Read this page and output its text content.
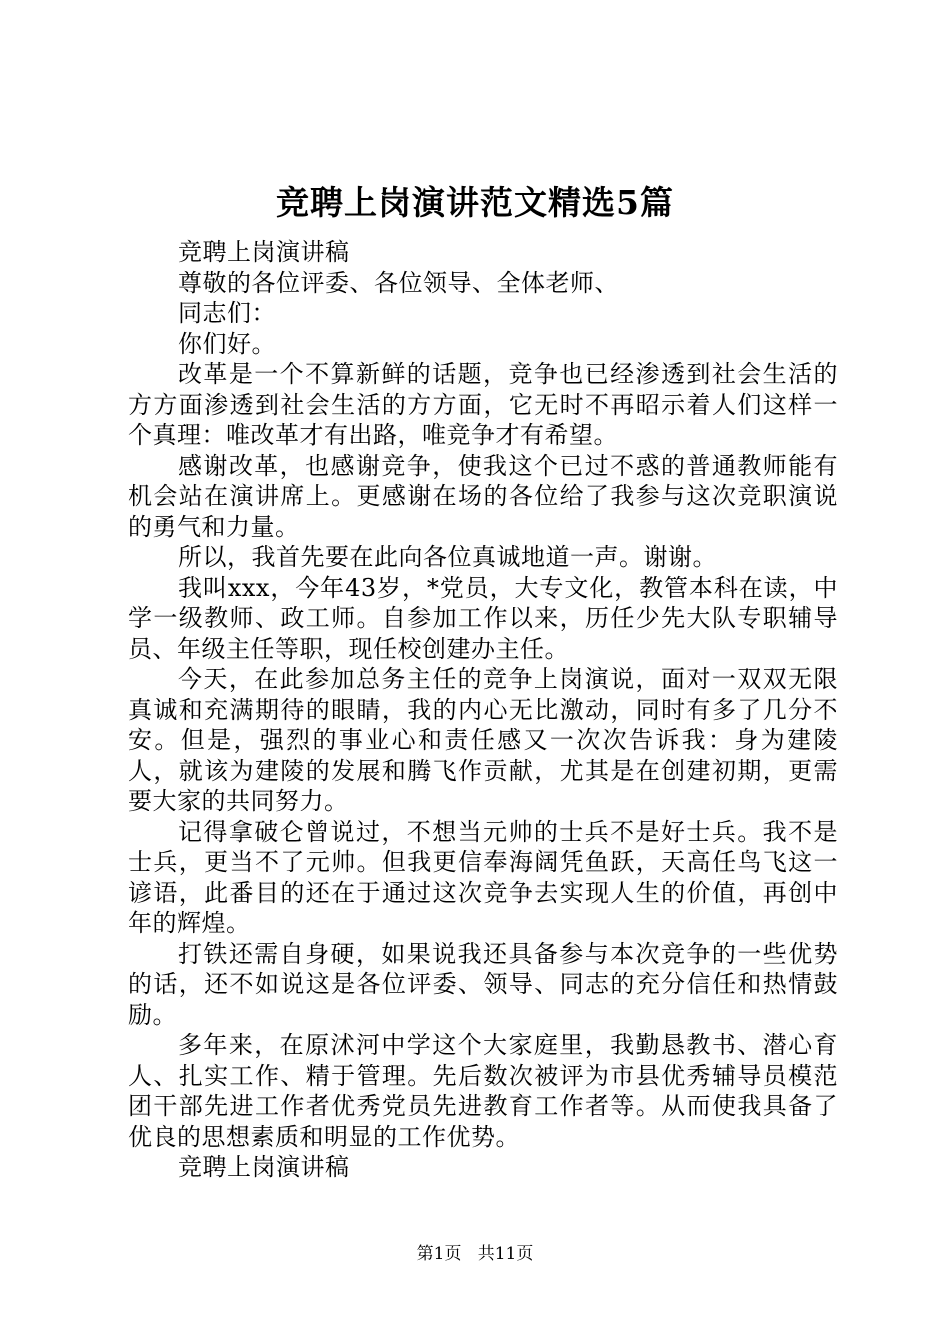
竞聘上岗演讲范文精选5篇

竞聘上岗演讲稿

尊敬的各位评委、各位领导、全体老师、

同志们：

你们好。

改革是一个不算新鲜的话题，竞争也已经渗透到社会生活的方方面渗透到社会生活的方方面，它无时不再昭示着人们这样一个真理：唯改革才有出路，唯竞争才有希望。

感谢改革，也感谢竞争，使我这个已过不惑的普通教师能有机会站在演讲席上。更感谢在场的各位给了我参与这次竞职演说的勇气和力量。

所以，我首先要在此向各位真诚地道一声。谢谢。

我叫xxx，今年43岁，*党员，大专文化，教管本科在读，中学一级教师、政工师。自参加工作以来，历任少先大队专职辅导员、年级主任等职，现任校创建办主任。

今天，在此参加总务主任的竞争上岗演说，面对一双双无限真诚和充满期待的眼睛，我的内心无比激动，同时有多了几分不安。但是，强烈的事业心和责任感又一次次告诉我：身为建陵人，就该为建陵的发展和腾飞作贡献，尤其是在创建初期，更需要大家的共同努力。

记得拿破仑曾说过，不想当元帅的士兵不是好士兵。我不是士兵，更当不了元帅。但我更信奉海阔凭鱼跃，天高任鸟飞这一谚语，此番目的还在于通过这次竞争去实现人生的价值，再创中年的辉煌。

打铁还需自身硬，如果说我还具备参与本次竞争的一些优势的话，还不如说这是各位评委、领导、同志的充分信任和热情鼓励。

多年来，在原沭河中学这个大家庭里，我勤恳教书、潜心育人、扎实工作、精于管理。先后数次被评为市县优秀辅导员模范团干部先进工作者优秀党员先进教育工作者等。从而使我具备了优良的思想素质和明显的工作优势。

竞聘上岗演讲稿

第1页 共11页
